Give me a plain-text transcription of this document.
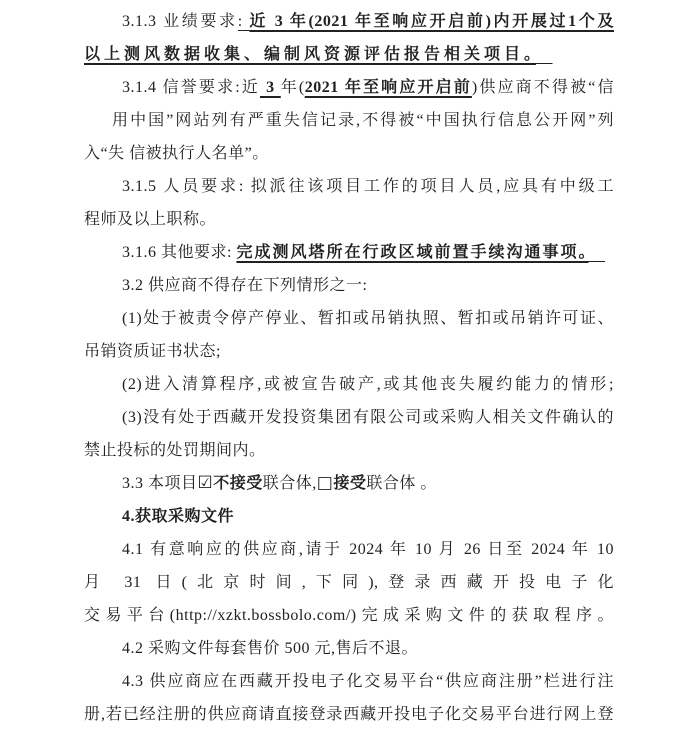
3.1.3 业绩要求: 近 3 年(2021 年至响应开启前)内开展过1个及
以上测风数据收集、编制风资源评估报告相关项目。　
3.1.4 信誉要求:近 3 年(2021 年至响应开启前)供应商不得被“信
用中国”网站列有严重失信记录,不得被“中国执行信息公开网”列
入“失 信被执行人名单”。
3.1.5 人员要求: 拟派往该项目工作的项目人员,应具有中级工
程师及以上职称。
3.1.6 其他要求: 完成测风塔所在行政区域前置手续沟通事项。　
3.2 供应商不得存在下列情形之一:
(1)处于被责令停产停业、暂扣或吊销执照、暂扣或吊销许可证、
吊销资质证书状态;
(2)进入清算程序,或被宣告破产,或其他丧失履约能力的情形;
(3)没有处于西藏开发投资集团有限公司或采购人相关文件确认的
禁止投标的处罚期间内。
3.3 本项目☑不接受联合体,□接受联合体 。
4.获取采购文件
4.1 有意响应的供应商,请于 2024 年 10 月 26 日至 2024 年 10
月 31 日(北京时间,下同),登录西藏开投电子化
交易平台(http://xzkt.bossbolo.com/)完成采购文件的获取程序。
4.2 采购文件每套售价 500 元,售后不退。
4.3 供应商应在西藏开投电子化交易平台“供应商注册”栏进行注
册,若已经注册的供应商请直接登录西藏开投电子化交易平台进行网上登
